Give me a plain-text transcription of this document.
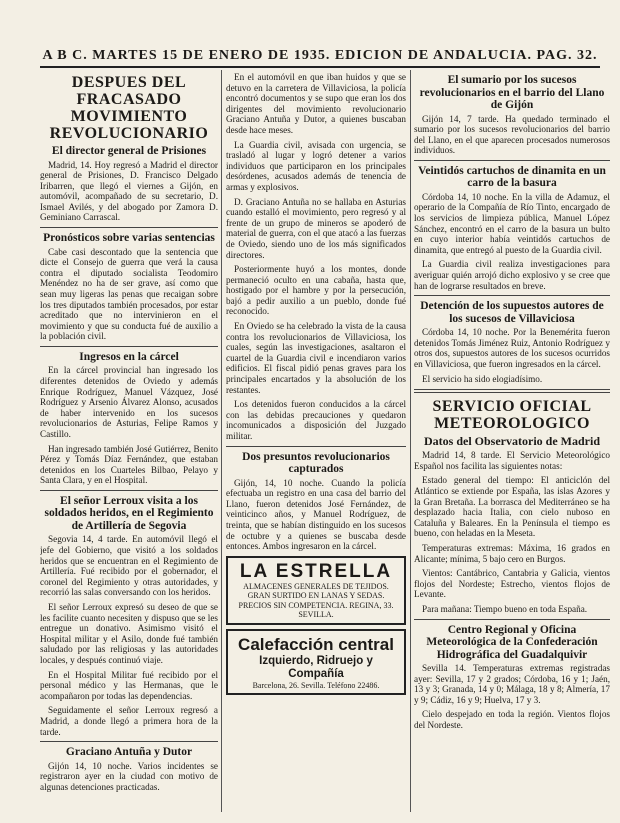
A B C. MARTES 15 DE ENERO DE 1935. EDICION DE ANDALUCIA. PAG. 32.
DESPUES DEL FRACASADO MOVIMIENTO REVOLUCIONARIO
El director general de Prisiones

Madrid, 14. Hoy regresó a Madrid el director general de Prisiones, D. Francisco Delgado Iribarren, que llegó el viernes a Gijón, en automóvil, acompañado de su secretario, D. Ismael Avilés, y del abogado por Zamora D. Geminiano Carrascal.

Pronósticos sobre varias sentencias

Cabe casi descontado que la sentencia que dicte el Consejo de guerra que verá la causa contra el diputado socialista Teodomiro Menéndez no ha de ser grave, así como que sean muy ligeras las penas que recaigan sobre los tres diputados también procesados, por estar acreditado que no intervinieron en el movimiento y que su conducta fué de auxilio a la población civil.

Ingresos en la cárcel

En la cárcel provincial han ingresado los diferentes detenidos de Oviedo y además Enrique Rodríguez, Manuel Vázquez, José Rodríguez y Arsenio Álvarez Alonso, acusados de haber intervenido en los sucesos revolucionarios de Asturias, Felipe Ramos y Castillo.

Han ingresado también José Gutiérrez, Benito Pérez y Tomás Díaz Fernández, que estaban detenidos en los Cuarteles Bilbao, Pelayo y Santa Clara, y en el Hospital.

El señor Lerroux visita a los soldados heridos, en el Regimiento de Artillería de Segovia

Segovia 14, 4 tarde. En automóvil llegó el jefe del Gobierno, que visitó a los soldados heridos que se encuentran en el Regimiento de Artillería. Fué recibido por el gobernador, el coronel del Regimiento y otras autoridades, y recorrió las salas conversando con los heridos.

El señor Lerroux expresó su deseo de que se les facilite cuanto necesiten y dispuso que se les entregue un donativo. Asimismo visitó el Hospital militar y el Asilo, donde fué también saludado por las religiosas y las autoridades locales, y después continuó viaje.

En el Hospital Militar fué recibido por el personal médico y las Hermanas, que le acompañaron por todas las dependencias.

Seguidamente el señor Lerroux regresó a Madrid, a donde llegó a primera hora de la tarde.

Graciano Antuña y Dutor

Gijón 14, 10 noche. Varios incidentes se registraron ayer en la ciudad con motivo de algunas detenciones practicadas.

En el automóvil en que iban huidos y que se detuvo en la carretera de Villaviciosa, la policía encontró documentos y se supo que eran los dos dirigentes del movimiento revolucionario Graciano Antuña y Dutor, a quienes buscaban desde hace meses.

La Guardia civil, avisada con urgencia, se trasladó al lugar y logró detener a varios individuos que participaron en los principales desórdenes, acusados además de tenencia de armas y explosivos.

D. Graciano Antuña no se hallaba en Asturias cuando estalló el movimiento, pero regresó y al frente de un grupo de mineros se apoderó de material de guerra, con el que atacó a las fuerzas de Oviedo, siendo uno de los más significados directores.

Posteriormente huyó a los montes, donde permaneció oculto en una cabaña, hasta que, hostigado por el hambre y por la persecución, bajó a pedir auxilio a un pueblo, donde fué reconocido.

En Oviedo se ha celebrado la vista de la causa contra los revolucionarios de Villaviciosa, los cuales, según las investigaciones, asaltaron el cuartel de la Guardia civil e incendiaron varios edificios. El fiscal pidió penas graves para los principales encartados y la absolución de los restantes.

Los detenidos fueron conducidos a la cárcel con las debidas precauciones y quedaron incomunicados a disposición del Juzgado militar.

Dos presuntos revolucionarios capturados

Gijón, 14, 10 noche. Cuando la policía efectuaba un registro en una casa del barrio del Llano, fueron detenidos José Fernández, de veinticinco años, y Manuel Rodríguez, de treinta, que se habían distinguido en los sucesos de octubre y a quienes se buscaba desde entonces. Ambos ingresaron en la cárcel.

LA ESTRELLA

ALMACENES GENERALES DE TEJIDOS. GRAN SURTIDO EN LANAS Y SEDAS. PRECIOS SIN COMPETENCIA. REGINA, 33. SEVILLA.

Calefacción central
Izquierdo, Ridruejo y Compañía

Barcelona, 26. Sevilla. Teléfono 22486.

El sumario por los sucesos revolucionarios en el barrio del Llano de Gijón

Gijón 14, 7 tarde. Ha quedado terminado el sumario por los sucesos revolucionarios del barrio del Llano, en el que aparecen procesados numerosos individuos.

Veintidós cartuchos de dinamita en un carro de la basura

Córdoba 14, 10 noche. En la villa de Adamuz, el operario de la Compañía de Río Tinto, encargado de los servicios de limpieza pública, Manuel López Sánchez, encontró en el carro de la basura un bulto en cuyo interior había veintidós cartuchos de dinamita, que entregó al puesto de la Guardia civil.

La Guardia civil realiza investigaciones para averiguar quién arrojó dicho explosivo y se cree que han de lograrse resultados en breve.

Detención de los supuestos autores de los sucesos de Villaviciosa

Córdoba 14, 10 noche. Por la Benemérita fueron detenidos Tomás Jiménez Ruiz, Antonio Rodríguez y otros dos, supuestos autores de los sucesos ocurridos en Villaviciosa, que fueron ingresados en la cárcel.

El servicio ha sido elogiadísimo.

SERVICIO OFICIAL METEOROLOGICO
Datos del Observatorio de Madrid

Madrid 14, 8 tarde. El Servicio Meteorológico Español nos facilita las siguientes notas:

Estado general del tiempo: El anticiclón del Atlántico se extiende por España, las islas Azores y la Gran Bretaña. La borrasca del Mediterráneo se ha desplazado hacia Italia, con cielo nuboso en Cataluña y Baleares. En la Península el tiempo es bueno, con heladas en la Meseta.

Temperaturas extremas: Máxima, 16 grados en Alicante; mínima, 5 bajo cero en Burgos.

Vientos: Cantábrico, Cantabria y Galicia, vientos flojos del Nordeste; Estrecho, vientos flojos de Levante.

Para mañana: Tiempo bueno en toda España.

Centro Regional y Oficina Meteorológica de la Confederación Hidrográfica del Guadalquivir

Sevilla 14. Temperaturas extremas registradas ayer: Sevilla, 17 y 2 grados; Córdoba, 16 y 1; Jaén, 13 y 3; Granada, 14 y 0; Málaga, 18 y 8; Almería, 17 y 9; Cádiz, 16 y 9; Huelva, 17 y 3.

Cielo despejado en toda la región. Vientos flojos del Nordeste.
